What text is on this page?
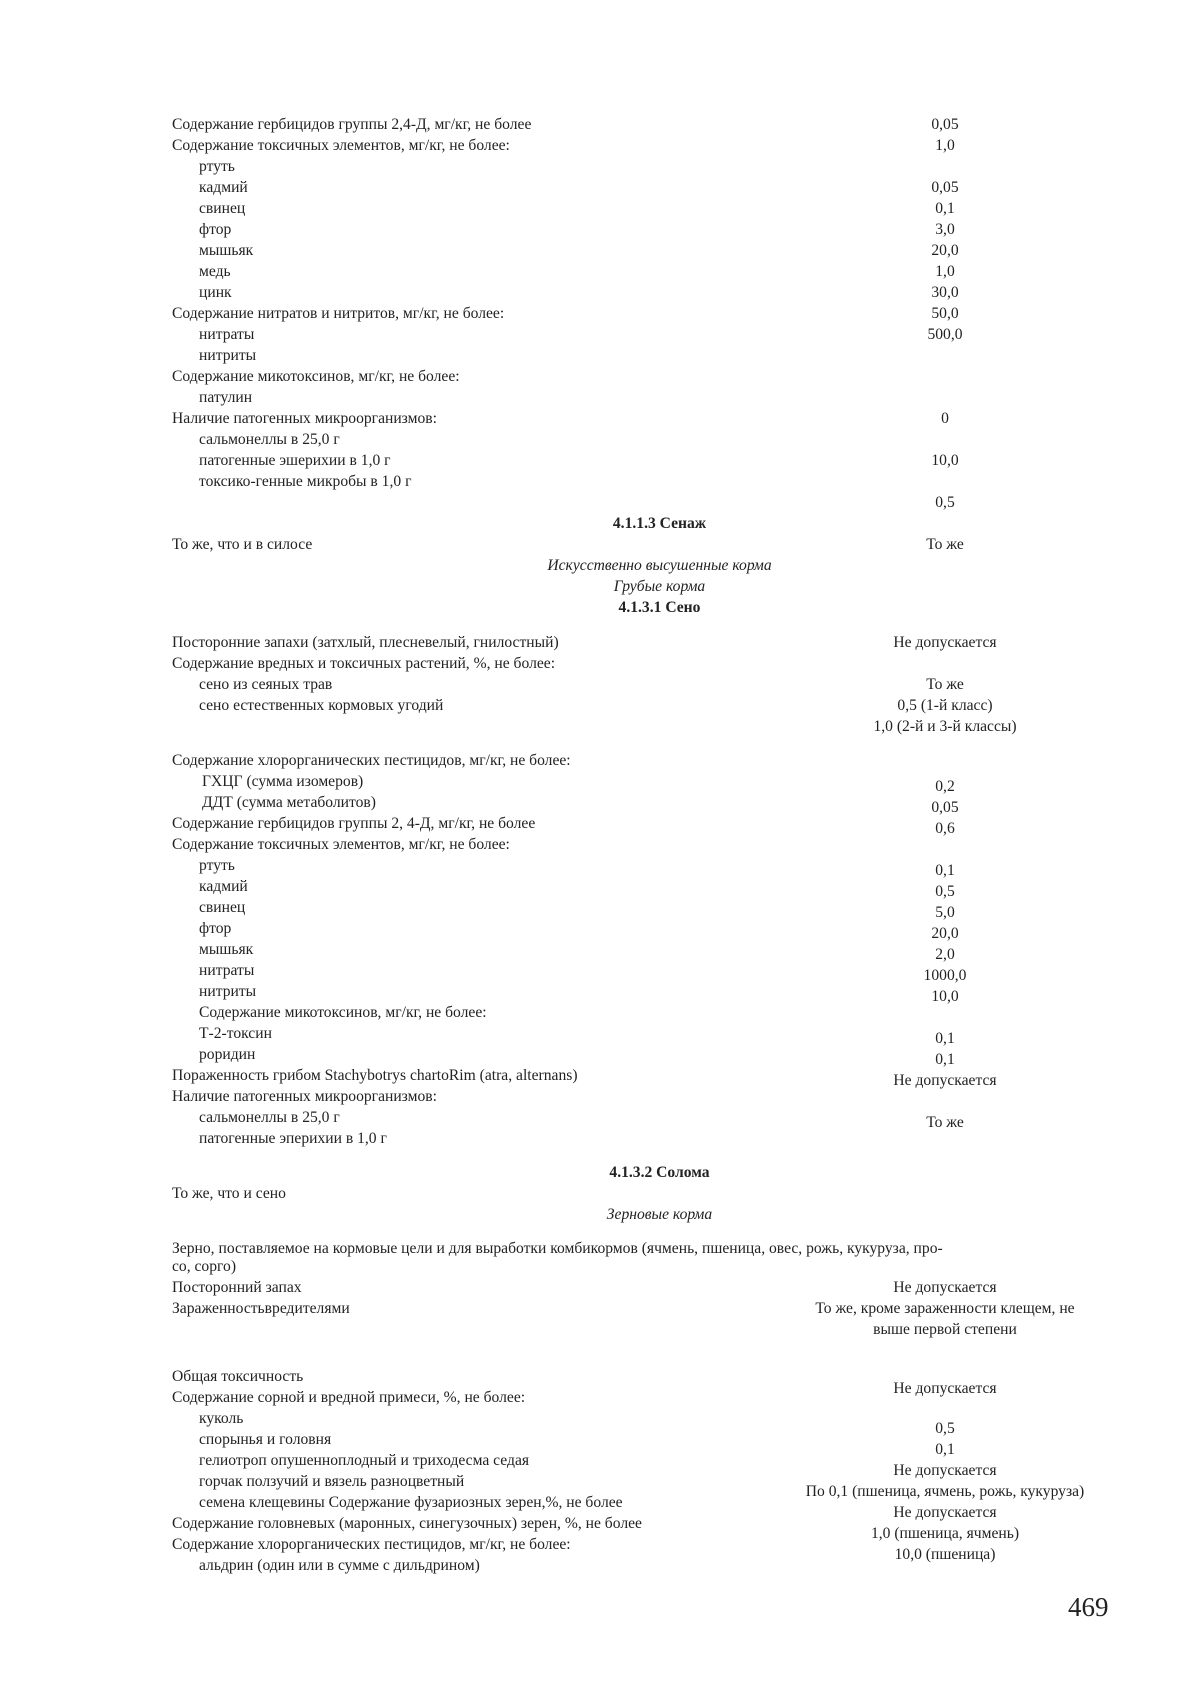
Содержание гербицидов группы 2,4-Д, мг/кг, не более
Содержание токсичных элементов, мг/кг, не более:
ртуть
кадмий
свинец
фтор
мышьяк
медь
цинк
Содержание нитратов и нитритов, мг/кг, не более:
нитраты
нитриты
Содержание микотоксинов, мг/кг, не более:
патулин
Наличие патогенных микроорганизмов:
сальмонеллы в 25,0 г
патогенные эшерихии в 1,0 г
токсико-генные микробы в 1,0 г
0,05
1,0
0,05
0,1
3,0
20,0
1,0
30,0
50,0
500,0
0
10,0
0,5
4.1.1.3 Сенаж
То же, что и в силосе	То же
Искусственно высушенные корма
Грубые корма
4.1.3.1 Сено
Посторонние запахи (затхлый, плесневелый, гнилостный)
Содержание вредных и токсичных растений, %, не более:
сено из сеяных трав
сено естественных кормовых угодий
Не допускается
То же
0,5 (1-й класс)
1,0 (2-й и 3-й классы)
Содержание хлорорганических пестицидов, мг/кг, не более:
ГХЦГ (сумма изомеров)
ДДТ (сумма метаболитов)
Содержание гербицидов группы 2, 4-Д, мг/кг, не более
Содержание токсичных элементов, мг/кг, не более:
ртуть
кадмий
свинец
фтор
мышьяк
нитраты
нитриты
Содержание микотоксинов, мг/кг, не более:
Т-2-токсин
роридин
Пораженность грибом Stachybotrys chartoRim (atra, alternans)
Наличие патогенных микроорганизмов:
сальмонеллы в 25,0 г
патогенные эперихии в 1,0 г
0,2
0,05
0,6
0,1
0,5
5,0
20,0
2,0
1000,0
10,0
0,1
0,1
Не допускается
То же
4.1.3.2 Солома
То же, что и сено
Зерновые корма
Зерно, поставляемое на кормовые цели и для выработки комбикормов (ячмень, пшеница, овес, рожь, кукуруза, про-
со, сорго)
Посторонний запах
Зараженностьвредителями
Не допускается
То же, кроме зараженности клещем, не
выше первой степени
Общая токсичность
Содержание сорной и вредной примеси, %, не более:
куколь
спорынья и головня
гелиотроп опушенноплодный и триходесма седая
горчак ползучий и вязель разноцветный
семена клещевины Содержание фузариозных зерен,%, не более
Содержание головневых (маронных, синегузочных) зерен, %, не более
Содержание хлорорганических пестицидов, мг/кг, не более:
альдрин (один или в сумме с дильдрином)
Не допускается
0,5
0,1
Не допускается
По 0,1 (пшеница, ячмень, рожь, кукуруза)
Не допускается
1,0 (пшеница, ячмень)
10,0 (пшеница)
469
